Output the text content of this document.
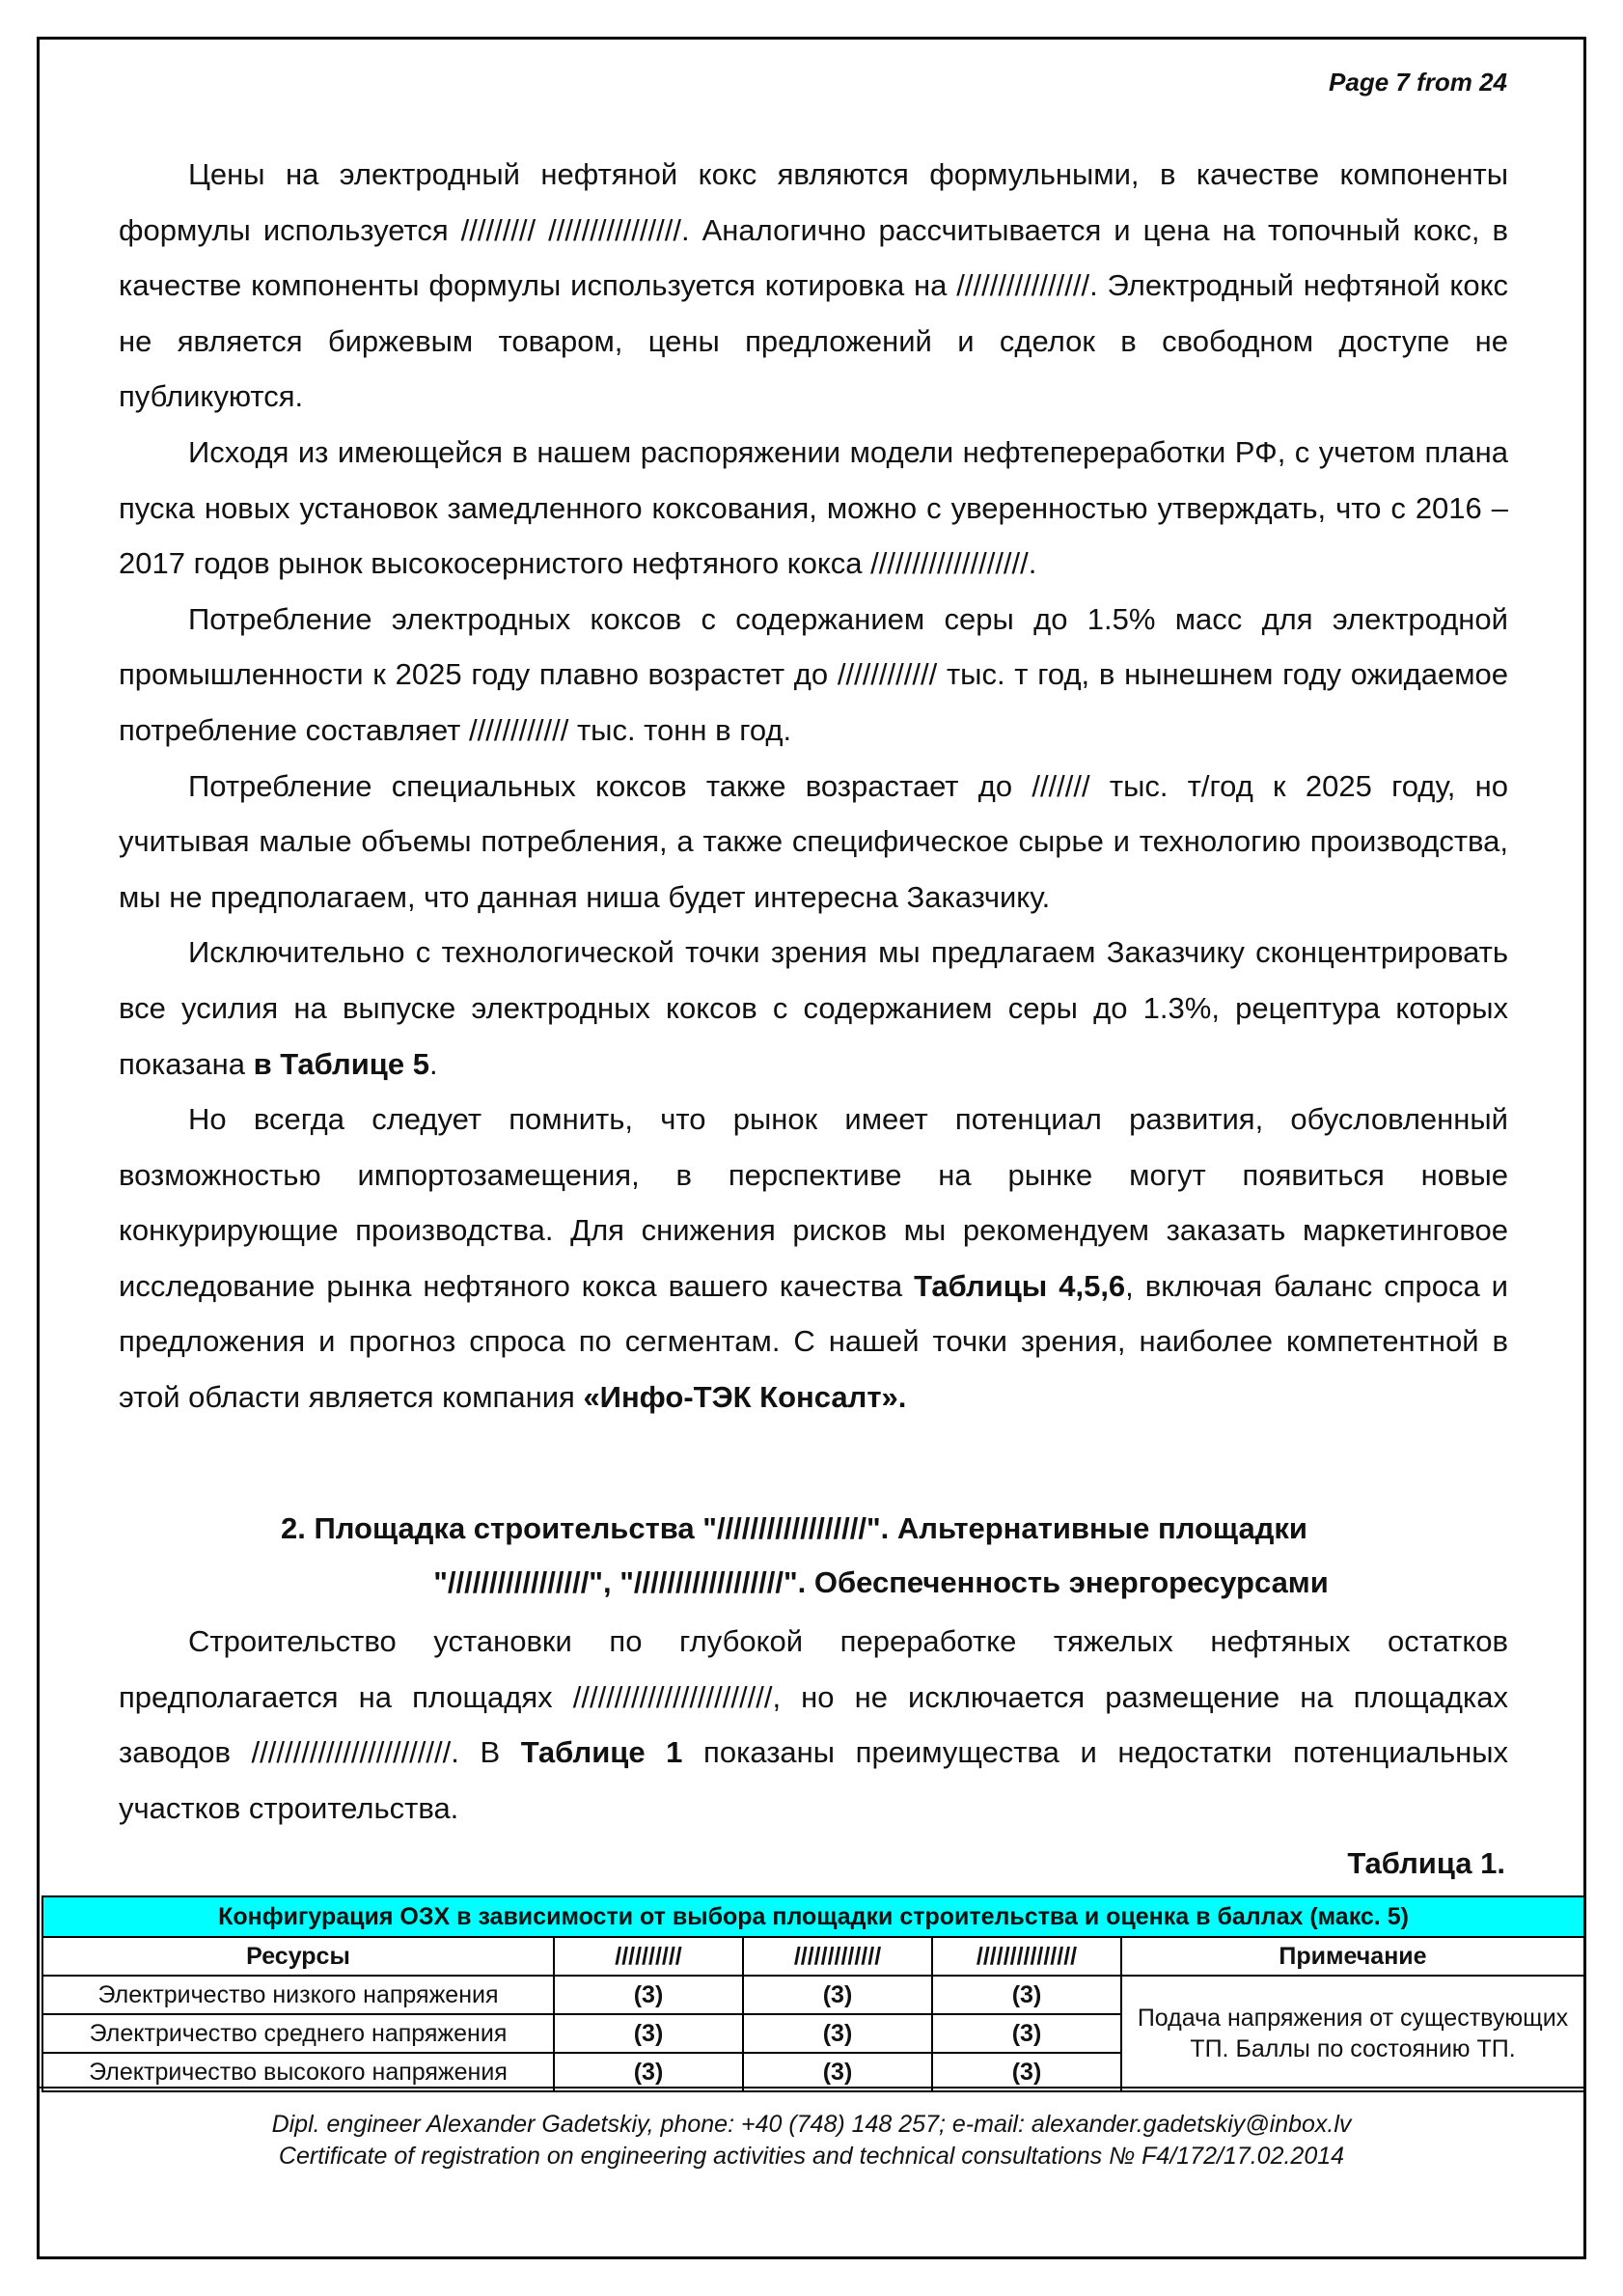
Page 7 from 24

Цены на электродный нефтяной кокс являются формульными, в качестве компоненты формулы используется ///////// ////////////////. Аналогично рассчитывается и цена на топочный кокс, в качестве компоненты формулы используется котировка на ////////////////. Электродный нефтяной кокс не является биржевым товаром, цены предложений и сделок в свободном доступе не публикуются.

Исходя из имеющейся в нашем распоряжении модели нефтепереработки РФ, с учетом плана пуска новых установок замедленного коксования, можно с уверенностью утверждать, что с 2016 – 2017 годов рынок высокосернистого нефтяного кокса ///////////////////.

Потребление электродных коксов с содержанием серы до 1.5% масс для электродной промышленности к 2025 году плавно возрастет до //////////// тыс. т год, в нынешнем году ожидаемое потребление составляет //////////// тыс. тонн в год.

Потребление специальных коксов также возрастает до /////// тыс. т/год к 2025 году, но учитывая малые объемы потребления, а также специфическое сырье и технологию производства, мы не предполагаем, что данная ниша будет интересна Заказчику.

Исключительно с технологической точки зрения мы предлагаем Заказчику сконцентрировать все усилия на выпуске электродных коксов с содержанием серы до 1.3%, рецептура которых показана в Таблице 5.

Но всегда следует помнить, что рынок имеет потенциал развития, обусловленный возможностью импортозамещения, в перспективе на рынке могут появиться новые конкурирующие производства. Для снижения рисков мы рекомендуем заказать маркетинговое исследование рынка нефтяного кокса вашего качества Таблицы 4,5,6, включая баланс спроса и предложения и прогноз спроса по сегментам. С нашей точки зрения, наиболее компетентной в этой области является компания «Инфо-ТЭК Консалт».

2. Площадка строительства "//////////////////". Альтернативные площадки
"/////////////////", "//////////////////". Обеспеченность энергоресурсами

Строительство установки по глубокой переработке тяжелых нефтяных остатков предполагается на площадях ////////////////////////, но не исключается размещение на площадках заводов ////////////////////////. В Таблице 1 показаны преимущества и недостатки потенциальных участков строительства.

Таблица 1.
Конфигурация ОЗХ в зависимости от выбора площадки строительства и оценка в баллах (макс. 5)				
Ресурсы	//////////	/////////////	///////////////	Примечание
Электричество низкого напряжения	(3)	(3)	(3)	Подача напряжения от существующих ТП. Баллы по состоянию ТП.
Электричество среднего напряжения	(3)	(3)	(3)	
Электричество высокого напряжения	(3)	(3)	(3)	
Dipl. engineer Alexander Gadetskiy, phone: +40 (748) 148 257; e-mail: alexander.gadetskiy@inbox.lv
Certificate of registration on engineering activities and technical consultations № F4/172/17.02.2014
